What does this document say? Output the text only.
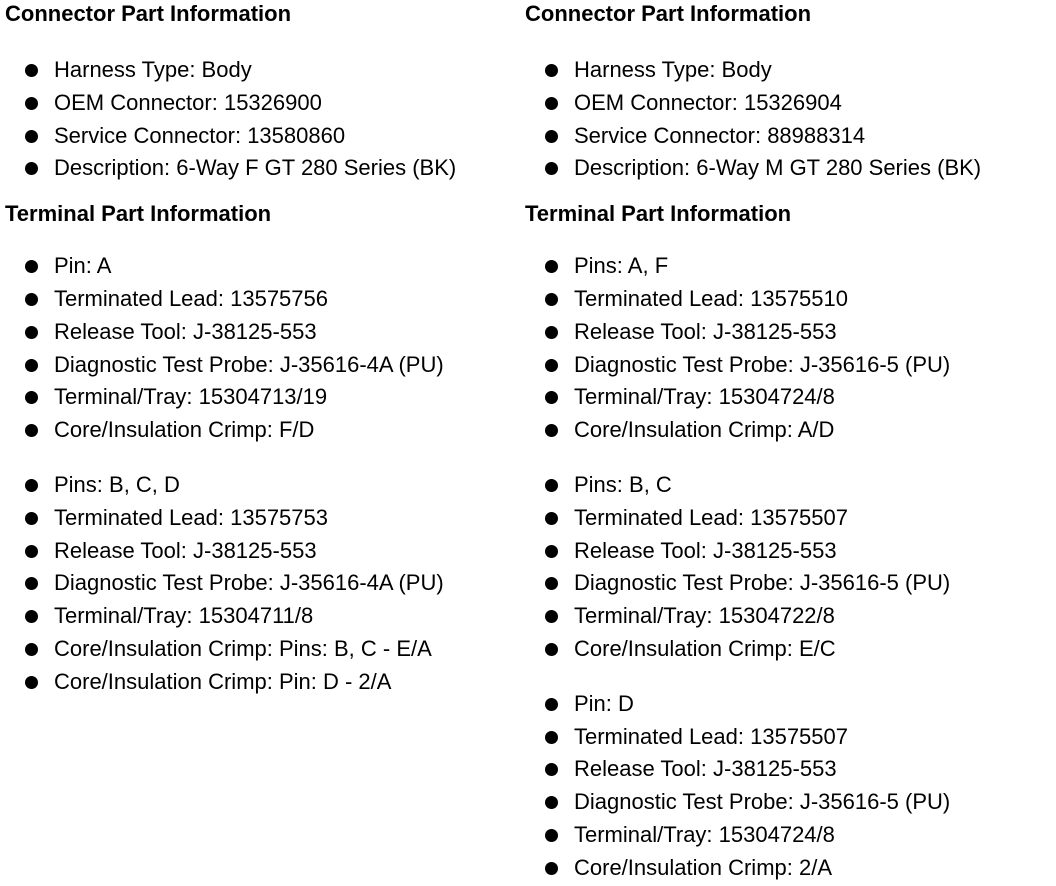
Connector Part Information
Harness Type: Body
OEM Connector: 15326900
Service Connector: 13580860
Description: 6-Way F GT 280 Series (BK)
Terminal Part Information
Pin: A
Terminated Lead: 13575756
Release Tool: J-38125-553
Diagnostic Test Probe: J-35616-4A (PU)
Terminal/Tray: 15304713/19
Core/Insulation Crimp: F/D
Pins: B, C, D
Terminated Lead: 13575753
Release Tool: J-38125-553
Diagnostic Test Probe: J-35616-4A (PU)
Terminal/Tray: 15304711/8
Core/Insulation Crimp: Pins: B, C - E/A
Core/Insulation Crimp: Pin: D - 2/A
Connector Part Information
Harness Type: Body
OEM Connector: 15326904
Service Connector: 88988314
Description: 6-Way M GT 280 Series (BK)
Terminal Part Information
Pins: A, F
Terminated Lead: 13575510
Release Tool: J-38125-553
Diagnostic Test Probe: J-35616-5 (PU)
Terminal/Tray: 15304724/8
Core/Insulation Crimp: A/D
Pins: B, C
Terminated Lead: 13575507
Release Tool: J-38125-553
Diagnostic Test Probe: J-35616-5 (PU)
Terminal/Tray: 15304722/8
Core/Insulation Crimp: E/C
Pin: D
Terminated Lead: 13575507
Release Tool: J-38125-553
Diagnostic Test Probe: J-35616-5 (PU)
Terminal/Tray: 15304724/8
Core/Insulation Crimp: 2/A
